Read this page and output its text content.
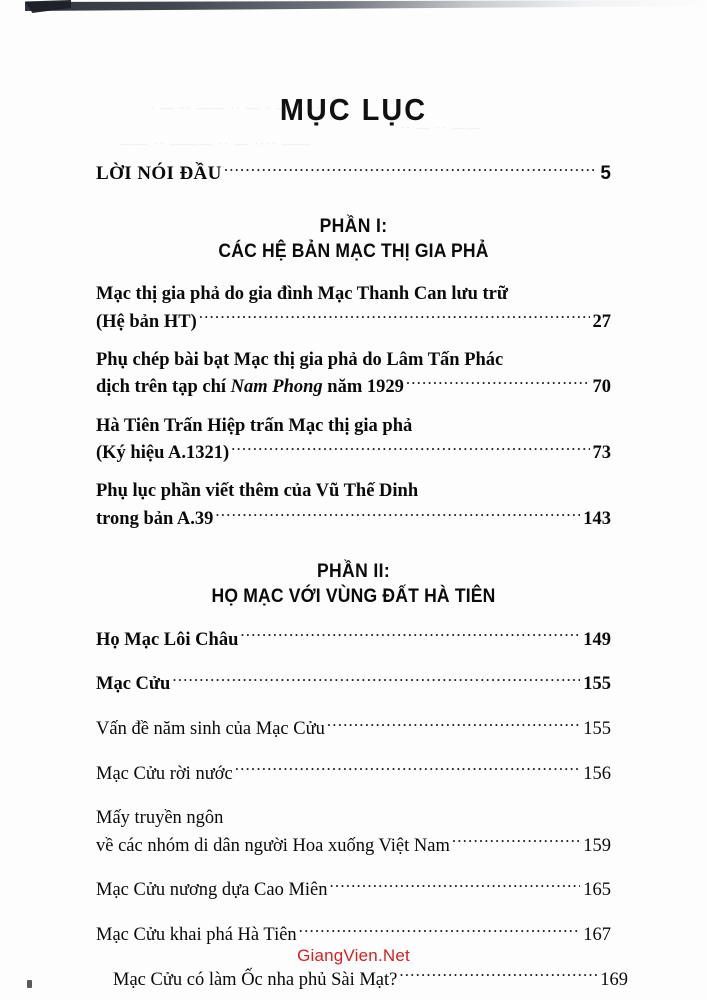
· — ·· —— ·· — · —— ···
—— ·· ——— ·· — ···· ——
·· — ·· ——
MỤC LỤC
LỜI NÓI ĐẦU .....	5
PHẦN I:
CÁC HỆ BẢN MẠC THỊ GIA PHẢ
Mạc thị gia phả do gia đình Mạc Thanh Can lưu trữ
(Hệ bản HT) .....	27
Phụ chép bài bạt Mạc thị gia phả do Lâm Tấn Phác
dịch trên tạp chí Nam Phong năm 1929 .....	70
Hà Tiên Trấn Hiệp trấn Mạc thị gia phả
(Ký hiệu A.1321) .....	73
Phụ lục phần viết thêm của Vũ Thế Dinh
trong bản A.39 .....	143
PHẦN II:
HỌ MẠC VỚI VÙNG ĐẤT HÀ TIÊN
Họ Mạc Lôi Châu .....	149
Mạc Cửu .....	155
Vấn đề năm sinh của Mạc Cửu .....	155
Mạc Cửu rời nước .....	156
Mấy truyền ngôn
về các nhóm di dân người Hoa xuống Việt Nam .....	159
Mạc Cửu nương dựa Cao Miên .....	165
Mạc Cửu khai phá Hà Tiên .....	167
Mạc Cửu có làm Ốc nha phủ Sài Mạt? .....	169
GiangVien.Net
